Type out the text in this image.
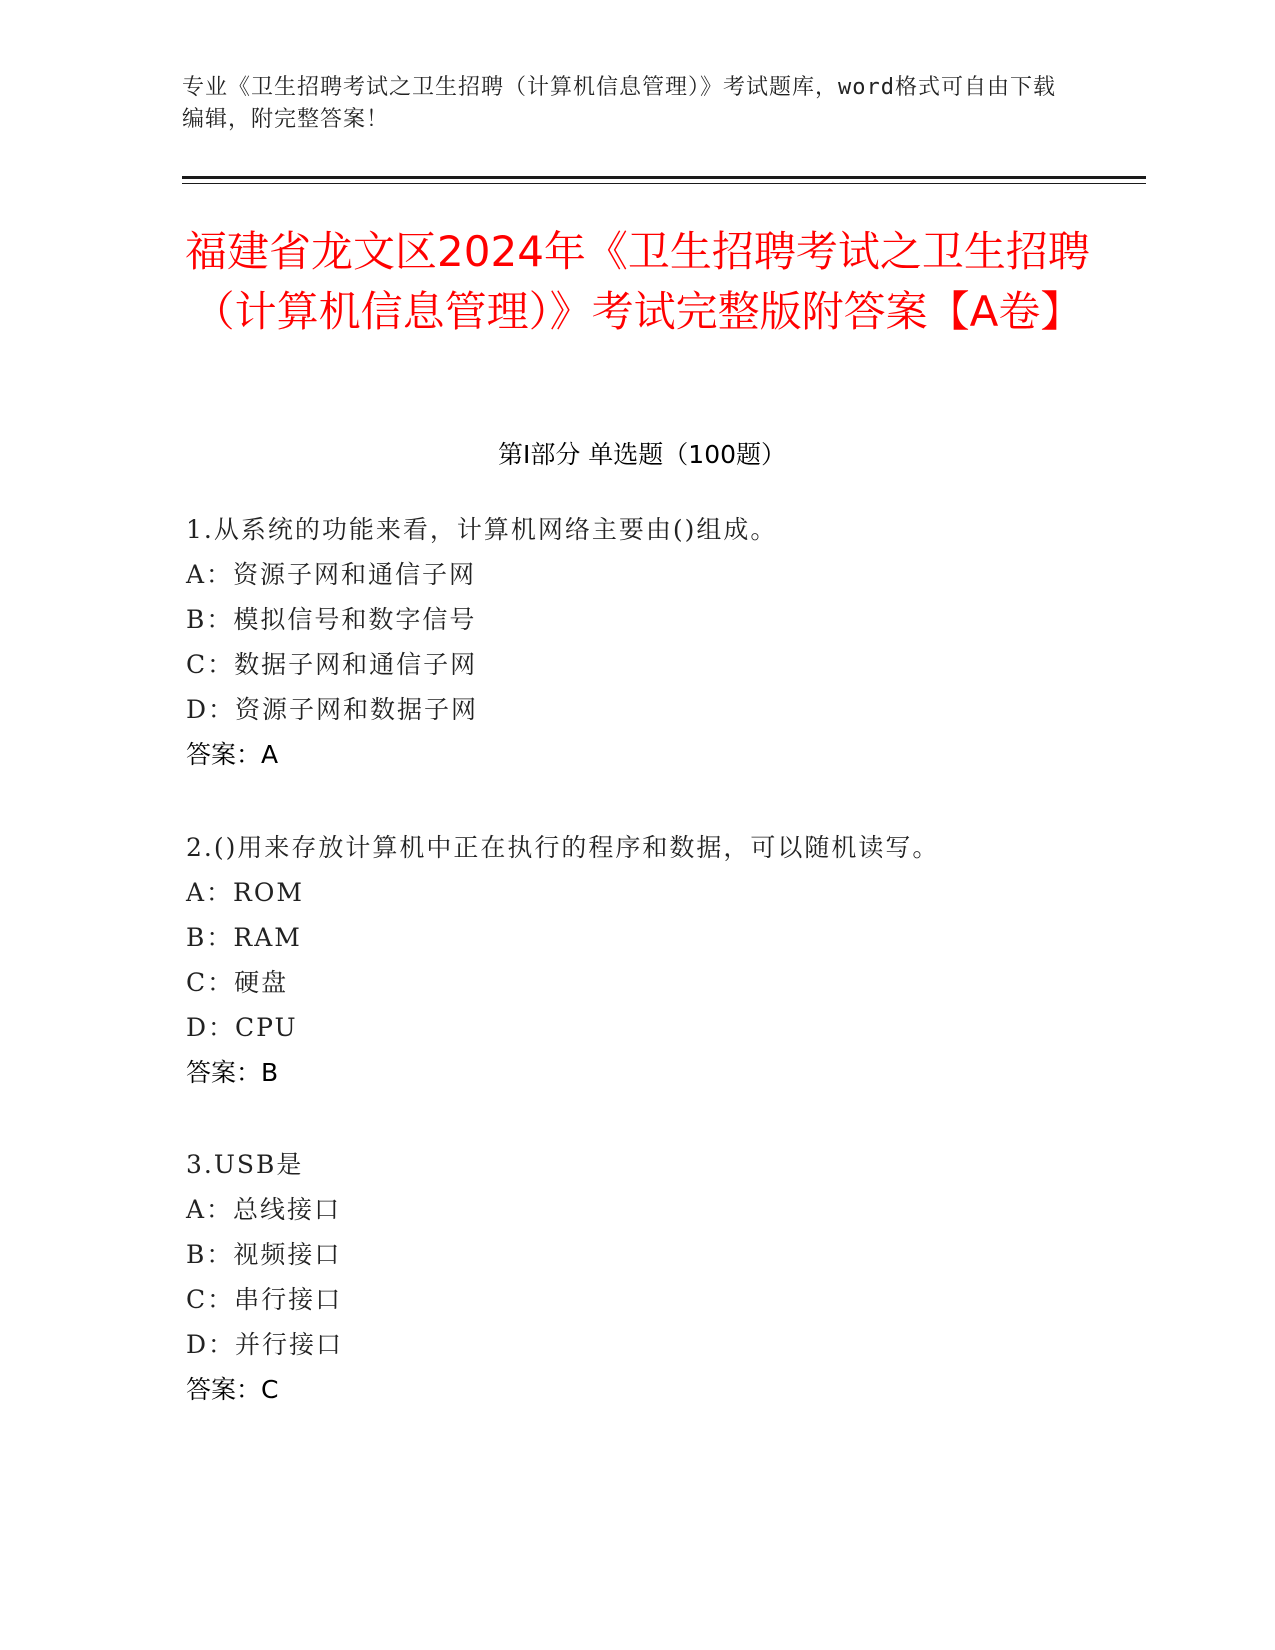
专业《卫生招聘考试之卫生招聘（计算机信息管理）》考试题库，word格式可自由下载编辑，附完整答案！
福建省龙文区2024年《卫生招聘考试之卫生招聘（计算机信息管理）》考试完整版附答案【A卷】
第Ⅰ部分 单选题（100题）
1.从系统的功能来看，计算机网络主要由()组成。
A：资源子网和通信子网
B：模拟信号和数字信号
C：数据子网和通信子网
D：资源子网和数据子网
答案：A
2.()用来存放计算机中正在执行的程序和数据，可以随机读写。
A：ROM
B：RAM
C：硬盘
D：CPU
答案：B
3.USB是
A：总线接口
B：视频接口
C：串行接口
D：并行接口
答案：C
